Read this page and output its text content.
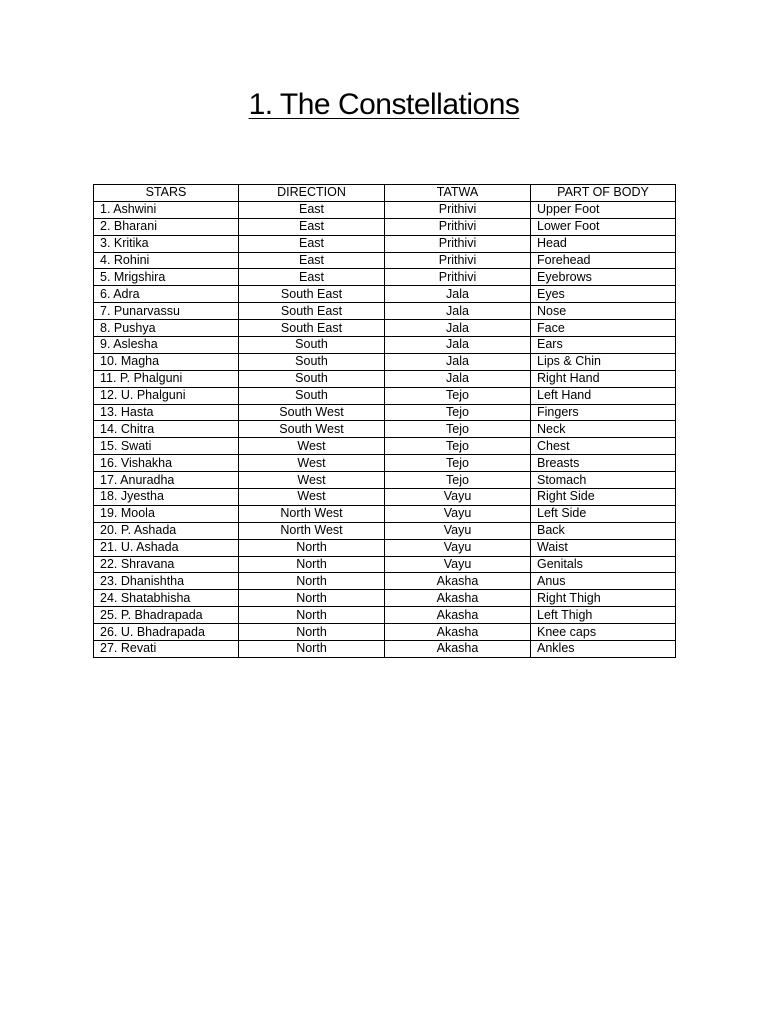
1. The Constellations
STARS	DIRECTION	TATWA	PART OF BODY
1. Ashwini	East	Prithivi	Upper Foot
2. Bharani	East	Prithivi	Lower Foot
3. Kritika	East	Prithivi	Head
4. Rohini	East	Prithivi	Forehead
5. Mrigshira	East	Prithivi	Eyebrows
6. Adra	South East	Jala	Eyes
7. Punarvassu	South East	Jala	Nose
8. Pushya	South East	Jala	Face
9. Aslesha	South	Jala	Ears
10. Magha	South	Jala	Lips & Chin
11. P. Phalguni	South	Jala	Right Hand
12. U. Phalguni	South	Tejo	Left Hand
13. Hasta	South West	Tejo	Fingers
14. Chitra	South West	Tejo	Neck
15. Swati	West	Tejo	Chest
16. Vishakha	West	Tejo	Breasts
17. Anuradha	West	Tejo	Stomach
18. Jyestha	West	Vayu	Right Side
19. Moola	North West	Vayu	Left Side
20. P. Ashada	North West	Vayu	Back
21. U. Ashada	North	Vayu	Waist
22. Shravana	North	Vayu	Genitals
23. Dhanishtha	North	Akasha	Anus
24. Shatabhisha	North	Akasha	Right Thigh
25. P. Bhadrapada	North	Akasha	Left Thigh
26. U. Bhadrapada	North	Akasha	Knee caps
27. Revati	North	Akasha	Ankles
